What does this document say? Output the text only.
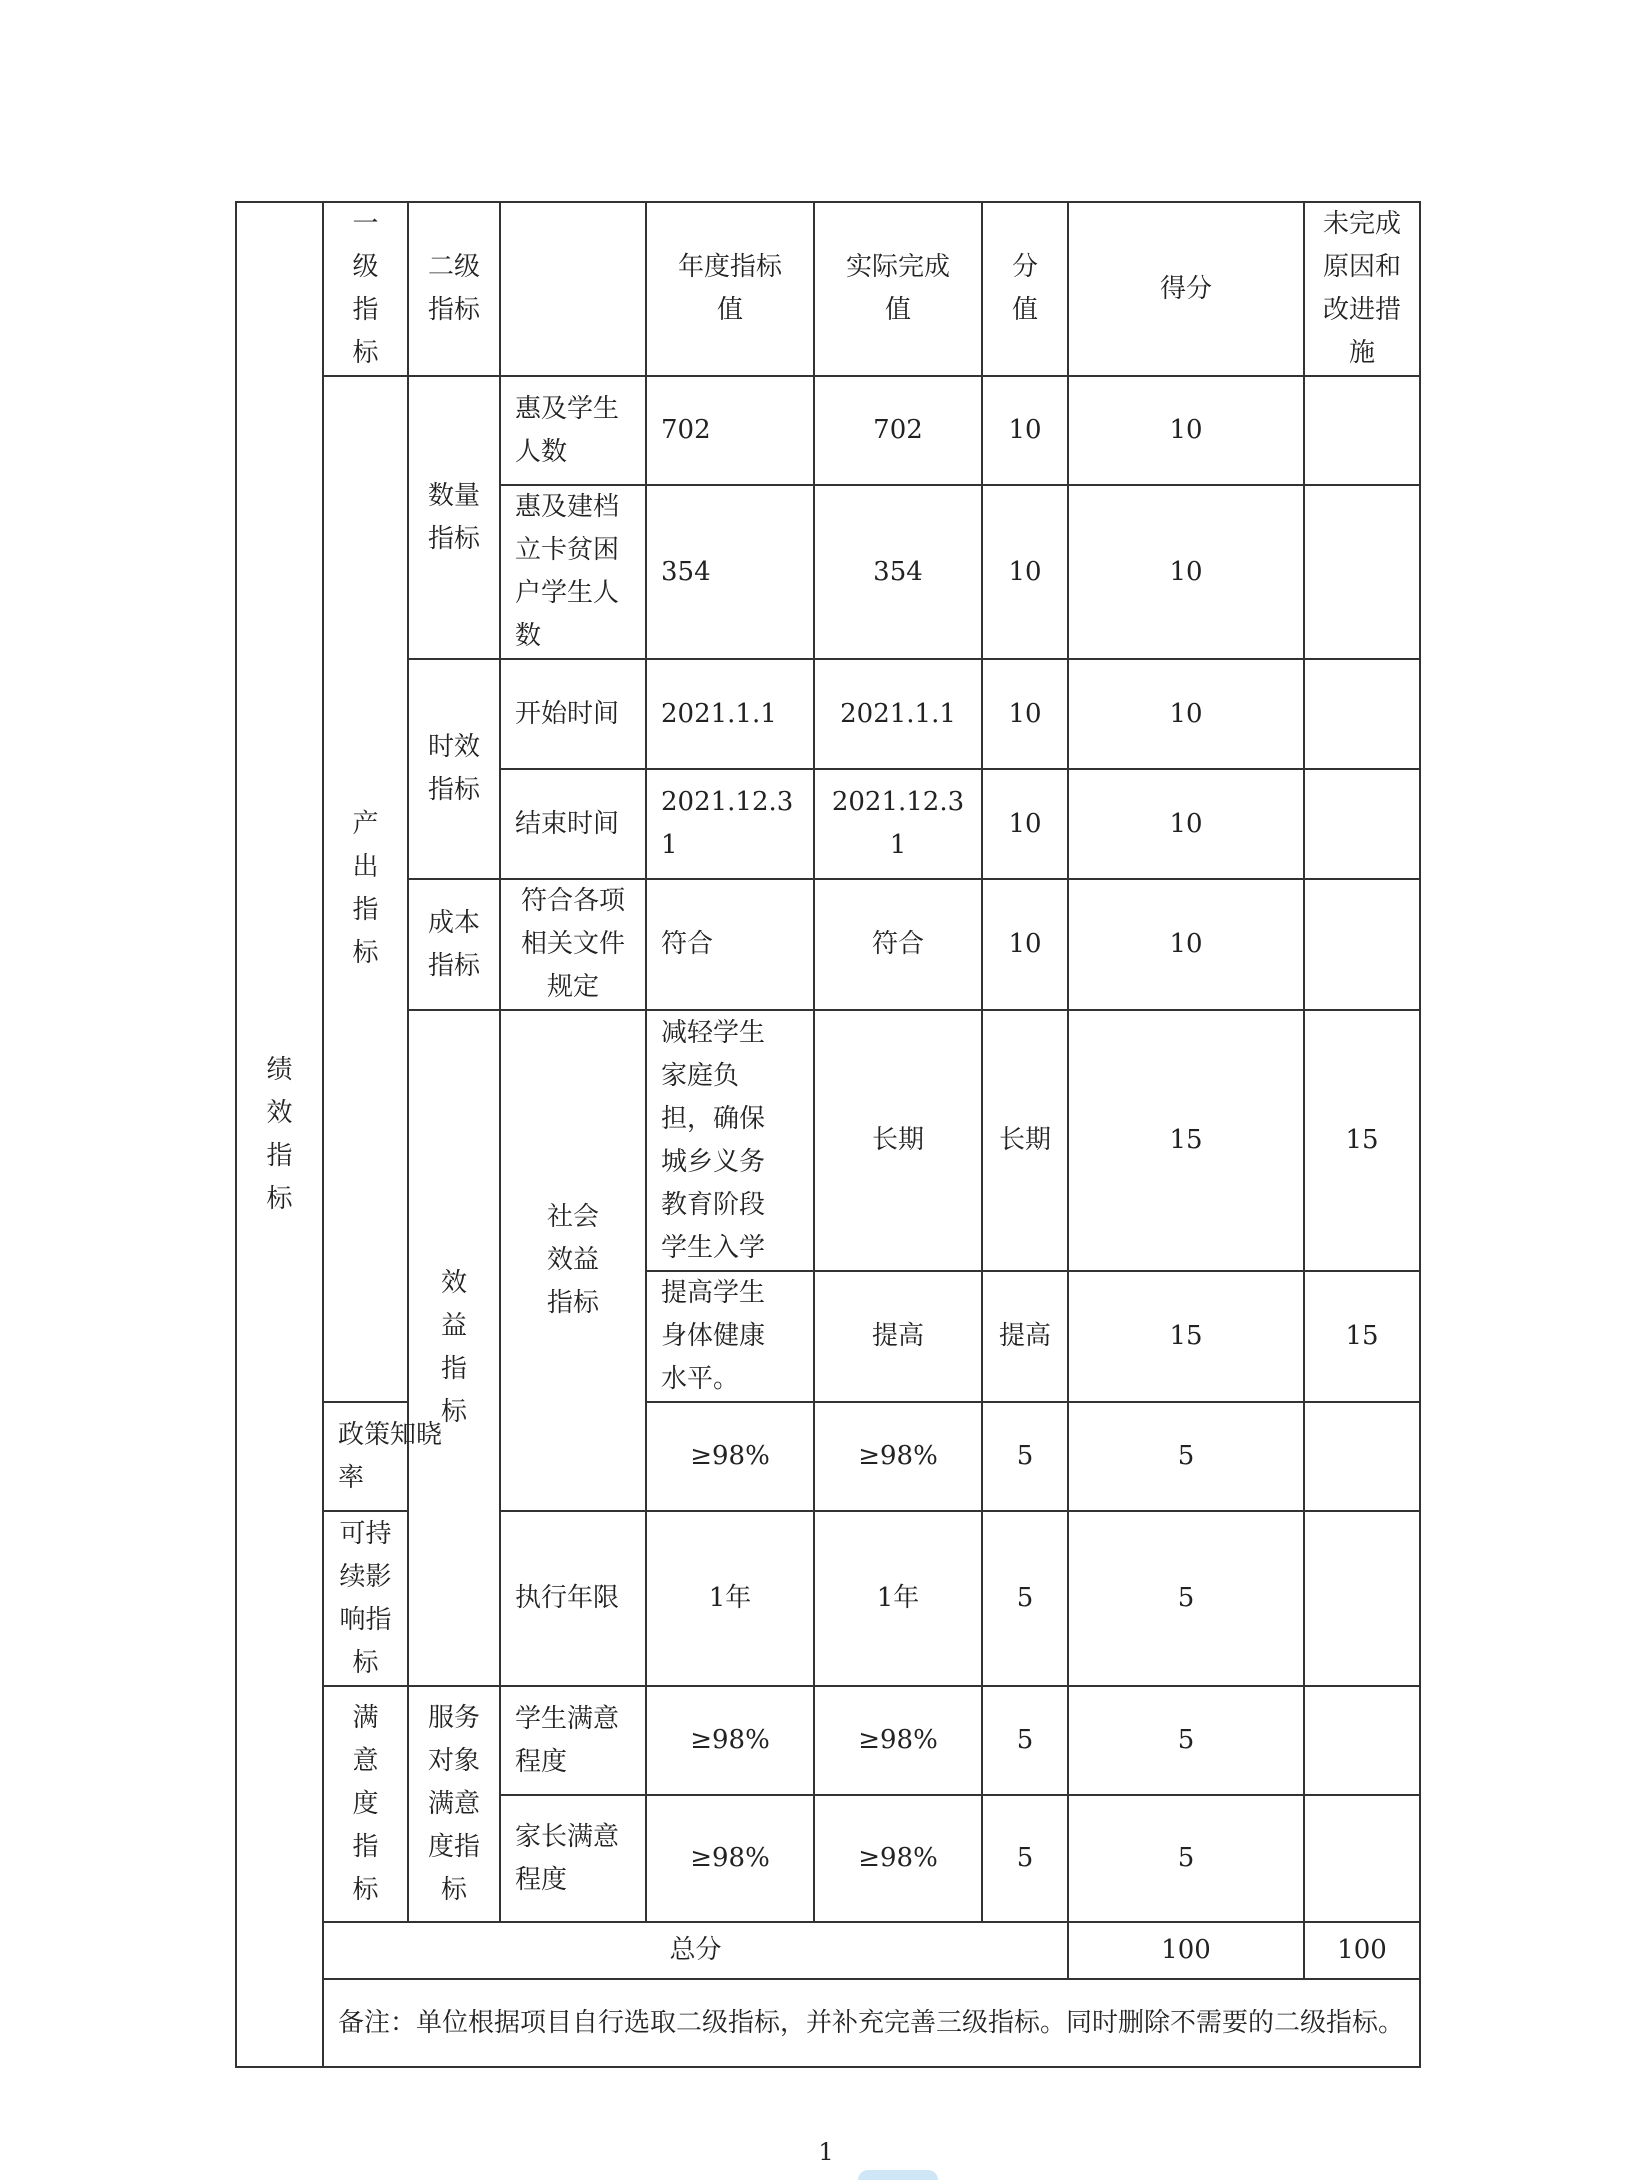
绩效指标	一级指标	二级指标		年度指标值	实际完成值	分值	得分	未完成原因和改进措施	
	产出指标	数量指标	惠及学生人数	702	702	10	10		
			惠及建档立卡贫困户学生人数	354	354	10	10		
		时效指标	开始时间	2021.1.1	2021.1.1	10	10		
			结束时间	2021.12.31	2021.12.31	10	10		
		成本指标	符合各项相关文件规定	符合	符合	10	10		
		效益指标	社会效益指标	减轻学生家庭负担，确保城乡义务教育阶段学生入学	长期	长期	15	15	
				提高学生身体健康水平。	提高	提高	15	15	
	政策知晓率			≥98%	≥98%	5	5		
	可持续影响指标		执行年限	1年	1年	5	5		
	满意度指标	服务对象满意度指标	学生满意程度	≥98%	≥98%	5	5		
			家长满意程度	≥98%	≥98%	5	5		
	总分						100	100	
	备注：单位根据项目自行选取二级指标，并补充完善三级指标。同时删除不需要的二级指标。								
1
